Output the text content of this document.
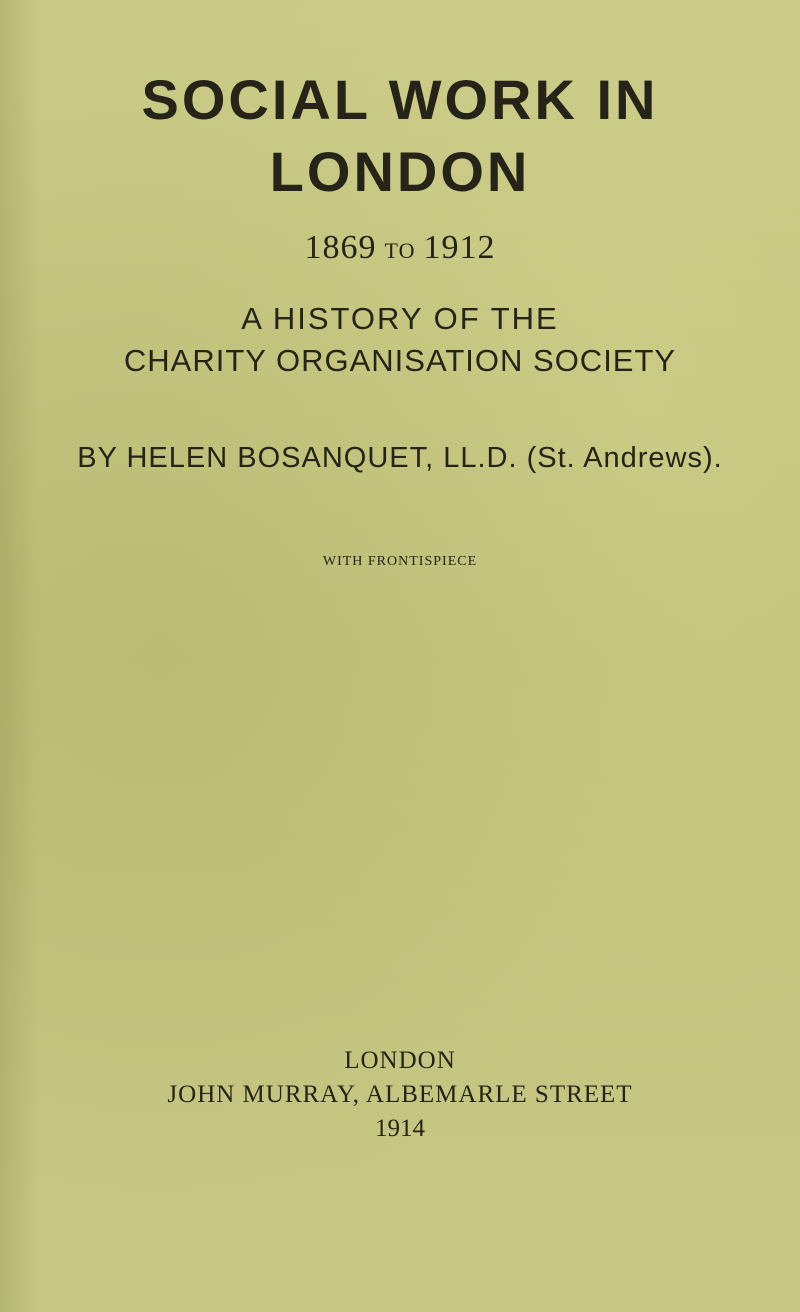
SOCIAL WORK IN
LONDON
1869 TO 1912
A HISTORY OF THE
CHARITY ORGANISATION SOCIETY
BY HELEN BOSANQUET, LL.D. (St. Andrews).
WITH FRONTISPIECE
LONDON
JOHN MURRAY, ALBEMARLE STREET
1914
